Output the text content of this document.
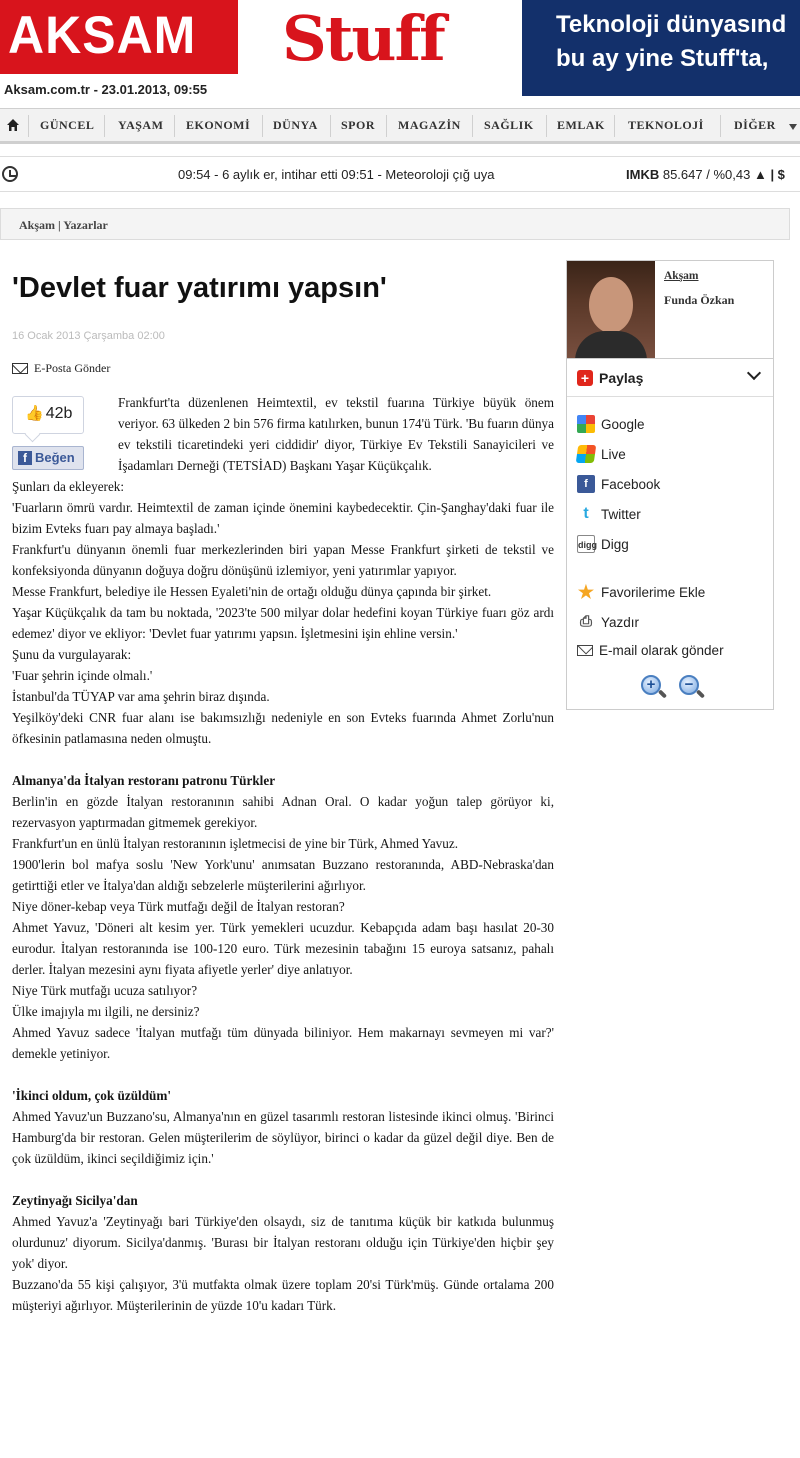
AKSAM
Aksam.com.tr - 23.01.2013, 09:55
Stuff	Teknoloji dünyasınd
bu ay yine Stuff'ta,
GÜNCEL YAŞAM EKONOMİ DÜNYA SPOR MAGAZİN SAĞLIK EMLAK TEKNOLOJİ	DİĞER
09:54 - 6 aylık er, intihar etti 09:51 - Meteoroloji çığ uya	IMKB 85.647 / %0,43 ▲ | $
Akşam | Yazarlar
'Devlet fuar yatırımı yapsın'
16 Ocak 2013 Çarşamba 02:00
E-Posta Gönder
👍 42b
f Beğen

Frankfurt'ta düzenlenen Heimtextil, ev tekstil fuarına Türkiye büyük önem veriyor. 63 ülkeden 2 bin 576 firma katılırken, bunun 174'ü Türk. 'Bu fuarın dünya ev tekstili ticaretindeki yeri ciddidir' diyor, Türkiye Ev Tekstili Sanayicileri ve İşadamları Derneği (TETSİAD) Başkanı Yaşar Küçükçalık.

Şunları da ekleyerek:

'Fuarların ömrü vardır. Heimtextil de zaman içinde önemini kaybedecektir. Çin-Şanghay'daki fuar ile bizim Evteks fuarı pay almaya başladı.'

Frankfurt'u dünyanın önemli fuar merkezlerinden biri yapan Messe Frankfurt şirketi de tekstil ve konfeksiyonda dünyanın doğuya doğru dönüşünü izlemiyor, yeni yatırımlar yapıyor.

Messe Frankfurt, belediye ile Hessen Eyaleti'nin de ortağı olduğu dünya çapında bir şirket.

Yaşar Küçükçalık da tam bu noktada, '2023'te 500 milyar dolar hedefini koyan Türkiye fuarı göz ardı edemez' diyor ve ekliyor: 'Devlet fuar yatırımı yapsın. İşletmesini işin ehline versin.'

Şunu da vurgulayarak:

'Fuar şehrin içinde olmalı.'

İstanbul'da TÜYAP var ama şehrin biraz dışında.

Yeşilköy'deki CNR fuar alanı ise bakımsızlığı nedeniyle en son Evteks fuarında Ahmet Zorlu'nun öfkesinin patlamasına neden olmuştu.

Almanya'da İtalyan restoranı patronu Türkler

Berlin'in en gözde İtalyan restoranının sahibi Adnan Oral. O kadar yoğun talep görüyor ki, rezervasyon yaptırmadan gitmemek gerekiyor.

Frankfurt'un en ünlü İtalyan restoranının işletmecisi de yine bir Türk, Ahmed Yavuz.

1900'lerin bol mafya soslu 'New York'unu' anımsatan Buzzano restoranında, ABD-Nebraska'dan getirttiği etler ve İtalya'dan aldığı sebzelerle müşterilerini ağırlıyor.

Niye döner-kebap veya Türk mutfağı değil de İtalyan restoran?

Ahmet Yavuz, 'Döneri alt kesim yer. Türk yemekleri ucuzdur. Kebapçıda adam başı hasılat 20-30 eurodur. İtalyan restoranında ise 100-120 euro. Türk mezesinin tabağını 15 euroya satsanız, pahalı derler. İtalyan mezesini aynı fiyata afiyetle yerler' diye anlatıyor.

Niye Türk mutfağı ucuza satılıyor?

Ülke imajıyla mı ilgili, ne dersiniz?

Ahmed Yavuz sadece 'İtalyan mutfağı tüm dünyada biliniyor. Hem makarnayı sevmeyen mi var?' demekle yetiniyor.

'İkinci oldum, çok üzüldüm'

Ahmed Yavuz'un Buzzano'su, Almanya'nın en güzel tasarımlı restoran listesinde ikinci olmuş. 'Birinci Hamburg'da bir restoran. Gelen müşterilerim de söylüyor, birinci o kadar da güzel değil diye. Ben de çok üzüldüm, ikinci seçildiğimiz için.'

Zeytinyağı Sicilya'dan

Ahmed Yavuz'a 'Zeytinyağı bari Türkiye'den olsaydı, siz de tanıtıma küçük bir katkıda bulunmuş olurdunuz' diyorum. Sicilya'danmış. 'Burası bir İtalyan restoranı olduğu için Türkiye'den hiçbir şey yok' diyor.

Buzzano'da 55 kişi çalışıyor, 3'ü mutfakta olmak üzere toplam 20'si Türk'müş. Günde ortalama 200 müşteriyi ağırlıyor. Müşterilerinin de yüzde 10'u kadarı Türk.

Akşam
Funda Özkan
+ Paylaş
Google
Live
f Facebook
t Twitter
digg Digg
★ Favorilerime Ekle
⎙ Yazdır
E-mail olarak gönder
+	−
